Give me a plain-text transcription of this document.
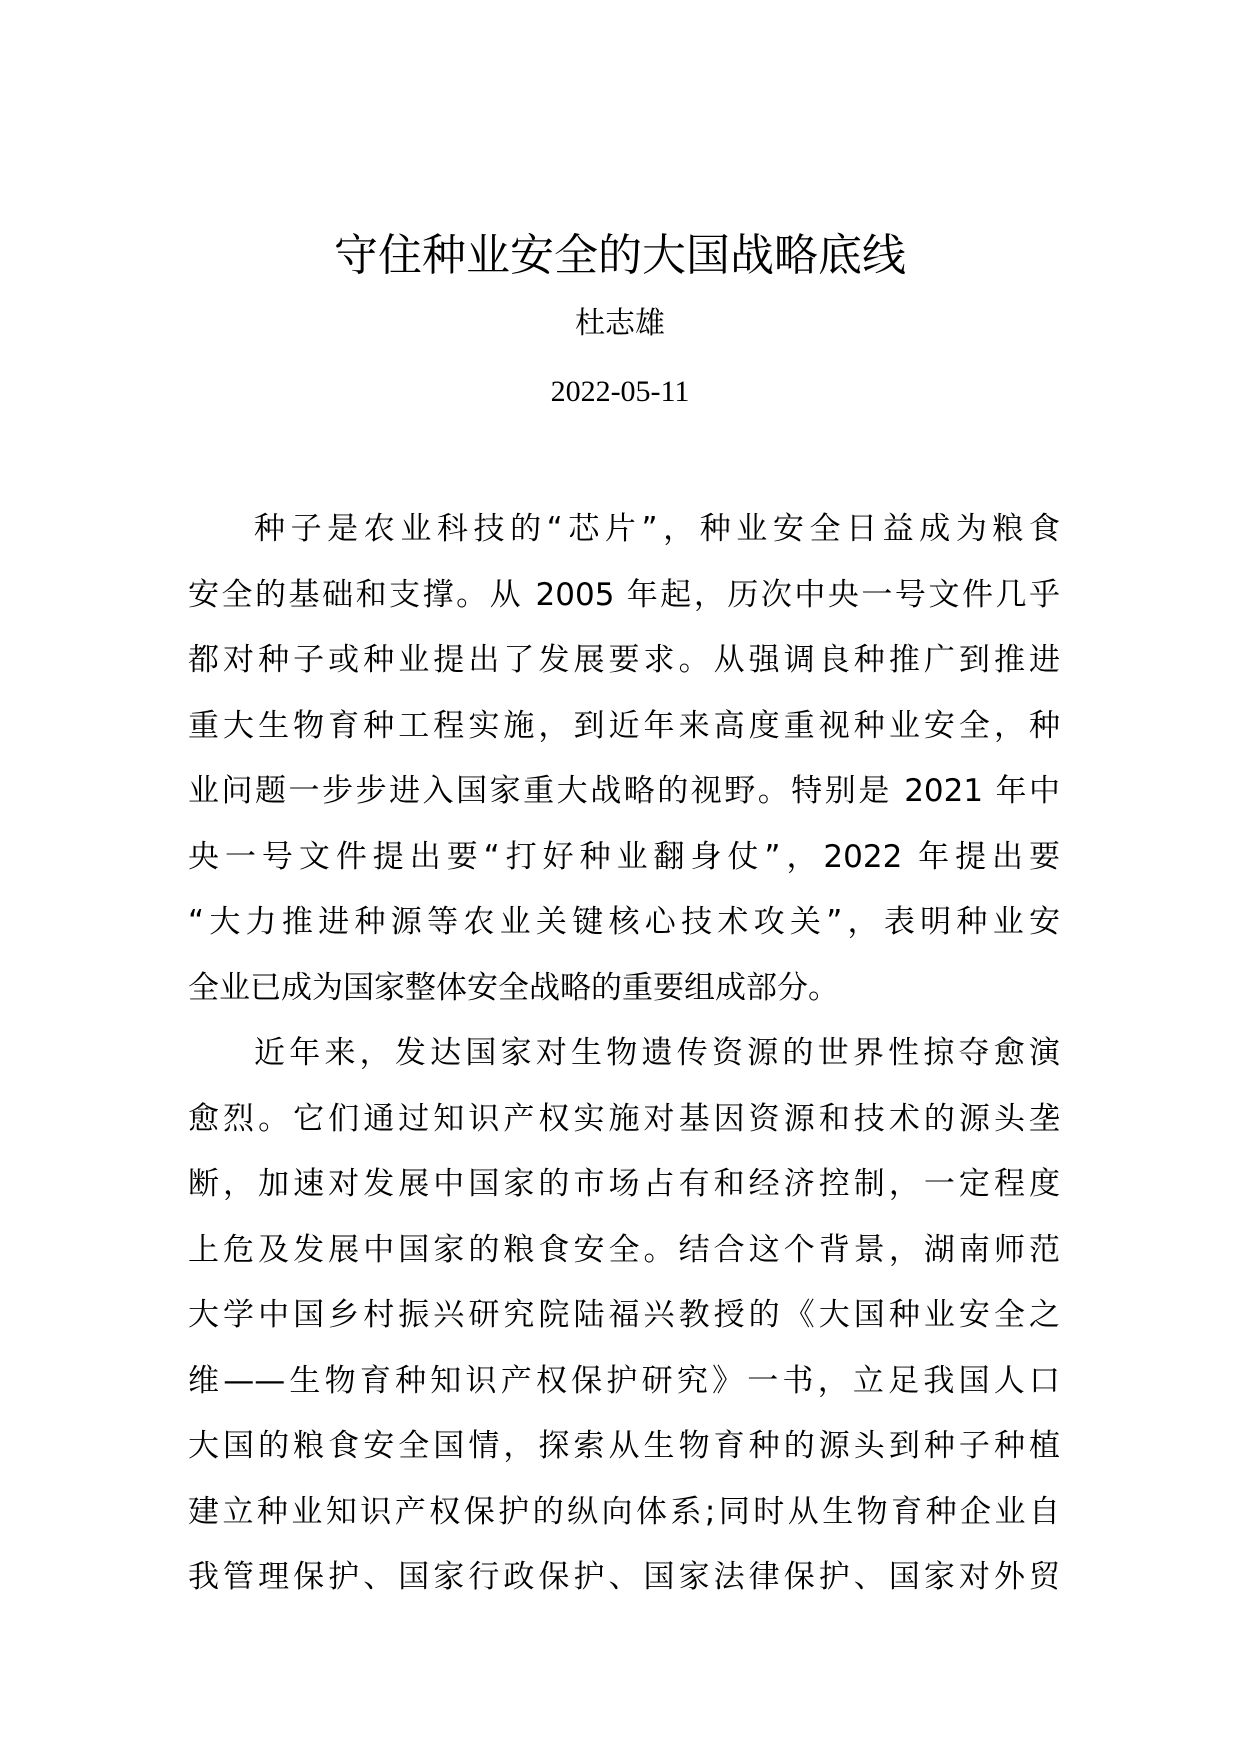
守住种业安全的大国战略底线
杜志雄
2022-05-11
种子是农业科技的“芯片”，种业安全日益成为粮食
安全的基础和支撑。从 2005 年起，历次中央一号文件几乎
都对种子或种业提出了发展要求。从强调良种推广到推进
重大生物育种工程实施，到近年来高度重视种业安全，种
业问题一步步进入国家重大战略的视野。特别是 2021 年中
央一号文件提出要“打好种业翻身仗”，2022 年提出要
“大力推进种源等农业关键核心技术攻关”，表明种业安
全业已成为国家整体安全战略的重要组成部分。
近年来，发达国家对生物遗传资源的世界性掠夺愈演
愈烈。它们通过知识产权实施对基因资源和技术的源头垄
断，加速对发展中国家的市场占有和经济控制，一定程度
上危及发展中国家的粮食安全。结合这个背景，湖南师范
大学中国乡村振兴研究院陆福兴教授的《大国种业安全之
维——生物育种知识产权保护研究》一书，立足我国人口
大国的粮食安全国情，探索从生物育种的源头到种子种植
建立种业知识产权保护的纵向体系;同时从生物育种企业自
我管理保护、国家行政保护、国家法律保护、国家对外贸
